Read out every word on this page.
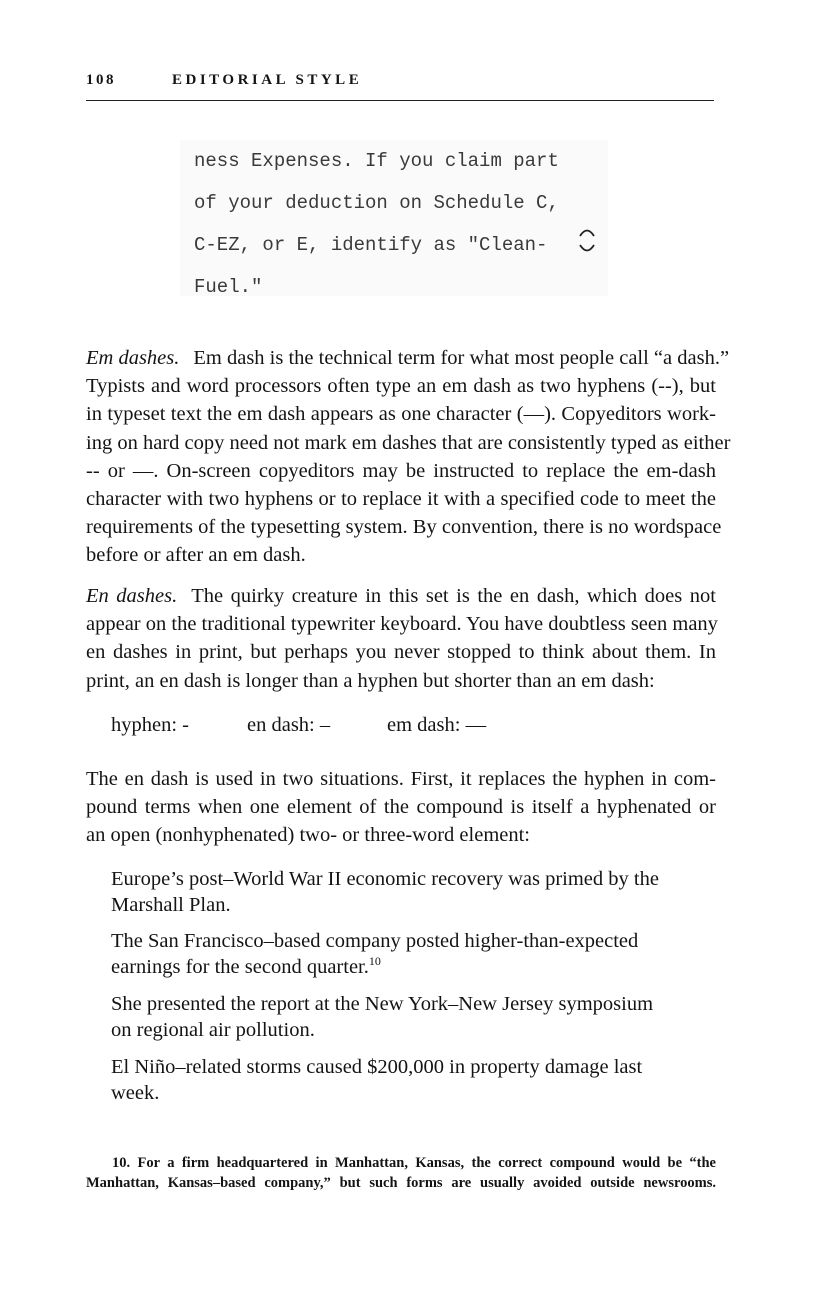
108	EDITORIAL STYLE
ness Expenses. If you claim part
of your deduction on Schedule C,
C-EZ, or E, identify as "Clean-
Fuel."
Em dashes. Em dash is the technical term for what most people call “a dash.”
Typists and word processors often type an em dash as two hyphens (--), but
in typeset text the em dash appears as one character (—). Copyeditors work-
ing on hard copy need not mark em dashes that are consistently typed as either
-- or —. On-screen copyeditors may be instructed to replace the em-dash
character with two hyphens or to replace it with a specified code to meet the
requirements of the typesetting system. By convention, there is no wordspace
before or after an em dash.
En dashes. The quirky creature in this set is the en dash, which does not
appear on the traditional typewriter keyboard. You have doubtless seen many
en dashes in print, but perhaps you never stopped to think about them. In
print, an en dash is longer than a hyphen but shorter than an em dash:
hyphen: -	en dash: –	em dash: —
The en dash is used in two situations. First, it replaces the hyphen in com-
pound terms when one element of the compound is itself a hyphenated or
an open (nonhyphenated) two- or three-word element:
Europe’s post–World War II economic recovery was primed by the
Marshall Plan.
The San Francisco–based company posted higher-than-expected
earnings for the second quarter.$^{10}$
She presented the report at the New York–New Jersey symposium
on regional air pollution.
El Niño–related storms caused $200,000 in property damage last
week.
10. For a firm headquartered in Manhattan, Kansas, the correct compound would be “the
Manhattan, Kansas–based company,” but such forms are usually avoided outside newsrooms.
